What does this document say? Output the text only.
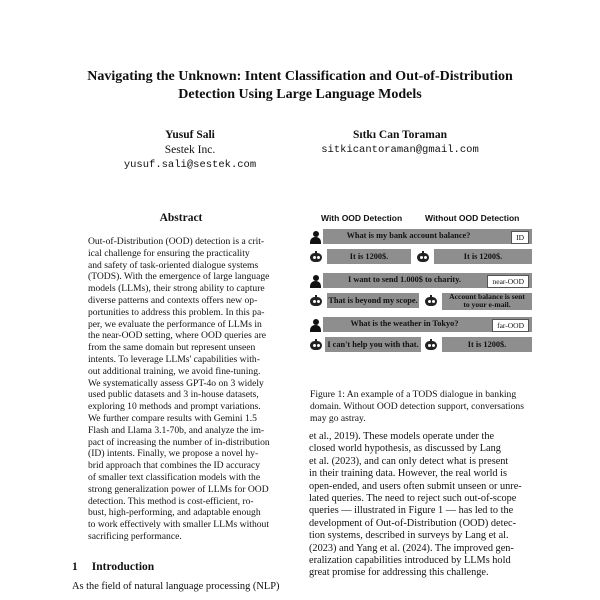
Navigating the Unknown: Intent Classification and Out-of-Distribution
Detection Using Large Language Models
Yusuf Sali
Sestek Inc.
yusuf.sali@sestek.com
Sıtkı Can Toraman
sitkicantoraman@gmail.com
Abstract
Out-of-Distribution (OOD) detection is a crit-
ical challenge for ensuring the practicality
and safety of task-oriented dialogue systems
(TODS). With the emergence of large language
models (LLMs), their strong ability to capture
diverse patterns and contexts offers new op-
portunities to address this problem. In this pa-
per, we evaluate the performance of LLMs in
the near-OOD setting, where OOD queries are
from the same domain but represent unseen
intents. To leverage LLMs' capabilities with-
out additional training, we avoid fine-tuning.
We systematically assess GPT-4o on 3 widely
used public datasets and 3 in-house datasets,
exploring 10 methods and prompt variations.
We further compare results with Gemini 1.5
Flash and Llama 3.1-70b, and analyze the im-
pact of increasing the number of in-distribution
(ID) intents. Finally, we propose a novel hy-
brid approach that combines the ID accuracy
of smaller text classification models with the
strong generalization power of LLMs for OOD
detection. This method is cost-efficient, ro-
bust, high-performing, and adaptable enough
to work effectively with smaller LLMs without
sacrificing performance.
1 Introduction
As the field of natural language processing (NLP)
With OOD Detection	Without OOD Detection
What is my bank account balance?	ID
It is 1200$.	It is 1200$.
I want to send 1.000$ to charity.	near-OOD
That is beyond my scope.	Account balance is sent
to your e-mail.
What is the weather in Tokyo?	far-OOD
I can't help you with that.	It is 1200$.
Figure 1: An example of a TODS dialogue in banking
domain. Without OOD detection support, conversations
may go astray.
et al., 2019). These models operate under the
closed world hypothesis, as discussed by Lang
et al. (2023), and can only detect what is present
in their training data. However, the real world is
open-ended, and users often submit unseen or unre-
lated queries. The need to reject such out-of-scope
queries — illustrated in Figure 1 — has led to the
development of Out-of-Distribution (OOD) detec-
tion systems, described in surveys by Lang et al.
(2023) and Yang et al. (2024). The improved gen-
eralization capabilities introduced by LLMs hold
great promise for addressing this challenge.
